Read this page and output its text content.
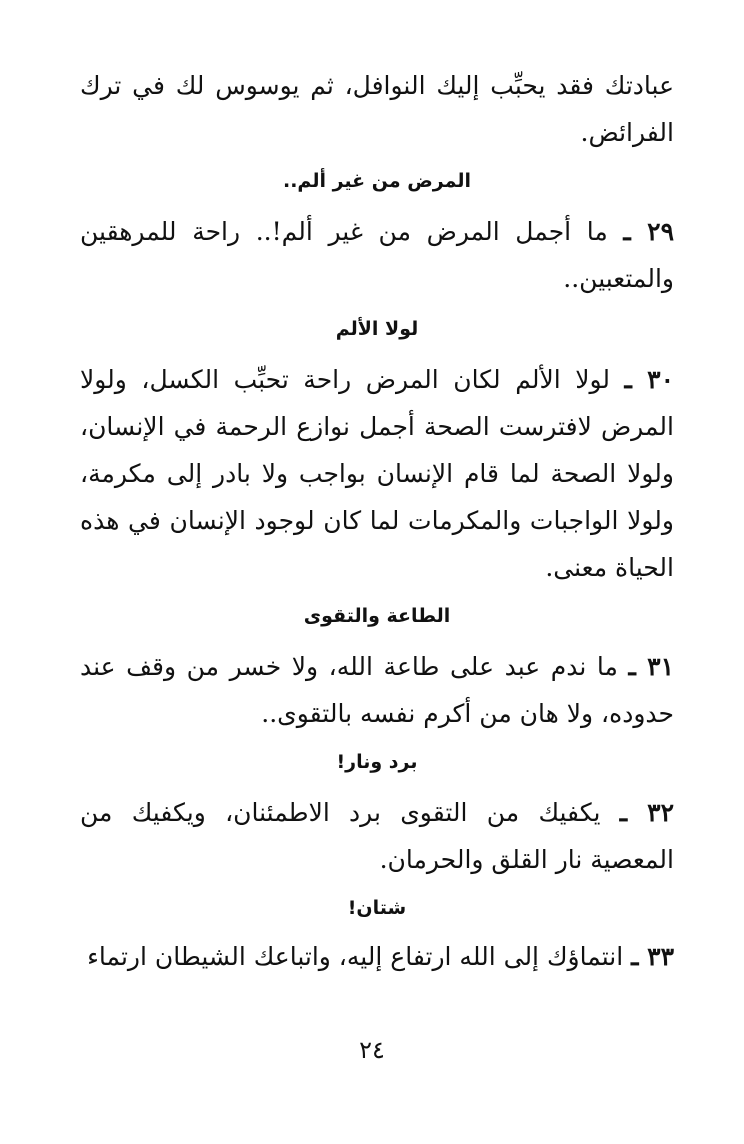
عبادتك فقد يحبِّب إليك النوافل، ثم يوسوس لك في ترك الفرائض.

المرض من غير ألم..

٢٩ ـ ما أجمل المرض من غير ألم!.. راحة للمرهقين والمتعبين..

لولا الألم

٣٠ ـ لولا الألم لكان المرض راحة تحبِّب الكسل، ولولا المرض لافترست الصحة أجمل نوازع الرحمة في الإنسان، ولولا الصحة لما قام الإنسان بواجب ولا بادر إلى مكرمة، ولولا الواجبات والمكرمات لما كان لوجود الإنسان في هذه الحياة معنى.

الطاعة والتقوى

٣١ ـ ما ندم عبد على طاعة الله، ولا خسر من وقف عند حدوده، ولا هان من أكرم نفسه بالتقوى..

برد ونار!

٣٢ ـ يكفيك من التقوى برد الاطمئنان، ويكفيك من المعصية نار القلق والحرمان.

شتان!

٣٣ ـ انتماؤك إلى الله ارتفاع إليه، واتباعك الشيطان ارتماء

٢٤
